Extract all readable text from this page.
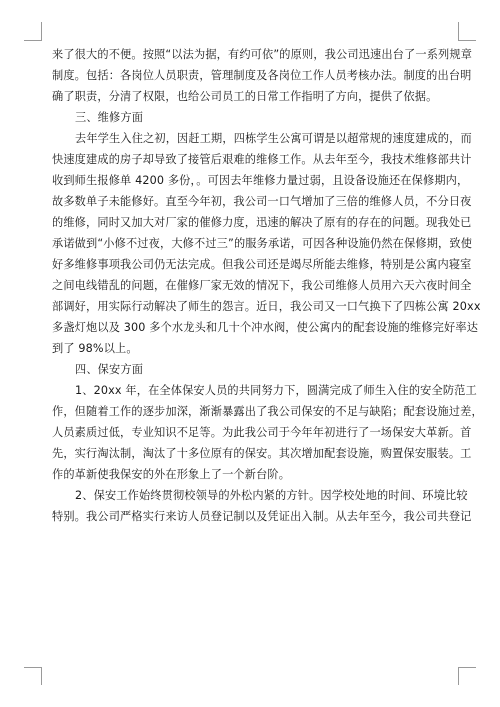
来了很大的不便。按照“以法为据，有约可依”的原则，我公司迅速出台了一系列规章

制度。包括：各岗位人员职责，管理制度及各岗位工作人员考核办法。制度的出台明

确了职责，分清了权限，也给公司员工的日常工作指明了方向，提供了依据。

三、维修方面

去年学生入住之初，因赶工期，四栋学生公寓可谓是以超常规的速度建成的，而

快速度建成的房子却导致了接管后艰难的维修工作。从去年至今，我技术维修部共计

收到师生报修单 4200 多份，。可因去年维修力量过弱，且设备设施还在保修期内，

故多数单子未能修好。直至今年初，我公司一口气增加了三倍的维修人员，不分日夜

的维修，同时又加大对厂家的催修力度，迅速的解决了原有的存在的问题。现我处已

承诺做到“小修不过夜，大修不过三”的服务承诺，可因各种设施仍然在保修期，致使

好多维修事项我公司仍无法完成。但我公司还是竭尽所能去维修，特别是公寓内寝室

之间电线错乱的问题，在催修厂家无效的情况下，我公司维修人员用六天六夜时间全

部调好，用实际行动解决了师生的怨言。近日，我公司又一口气换下了四栋公寓 20xx

多盏灯炮以及 300 多个水龙头和几十个冲水阀，使公寓内的配套设施的维修完好率达

到了 98%以上。

四、保安方面

1、20xx 年，在全体保安人员的共同努力下，圆满完成了师生入住的安全防范工

作，但随着工作的逐步加深，渐渐暴露出了我公司保安的不足与缺陷；配套设施过差，

人员素质过低，专业知识不足等。为此我公司于今年年初进行了一场保安大革新。首

先，实行淘汰制，淘汰了十多位原有的保安。其次增加配套设施，购置保安服装。工

作的革新使我保安的外在形象上了一个新台阶。

2、保安工作始终贯彻校领导的外松内紧的方针。因学校处地的时间、环境比较

特别。我公司严格实行来访人员登记制以及凭证出入制。从去年至今，我公司共登记
